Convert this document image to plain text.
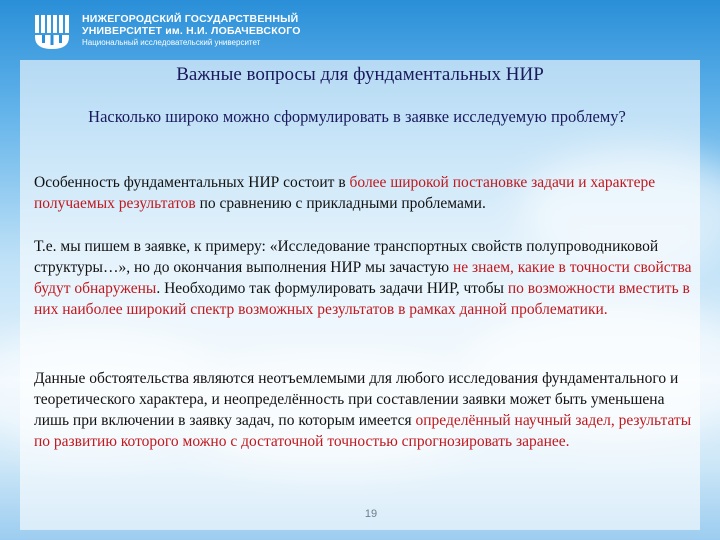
НИЖЕГОРОДСКИЙ ГОСУДАРСТВЕННЫЙ
УНИВЕРСИТЕТ им. Н.И. ЛОБАЧЕВСКОГО
Национальный исследовательский университет
Важные вопросы для фундаментальных НИР
Насколько широко можно сформулировать в заявке исследуемую проблему?
Особенность фундаментальных НИР состоит в более широкой постановке задачи и характере получаемых результатов по сравнению с прикладными проблемами.
Т.е. мы пишем в заявке, к примеру: «Исследование транспортных свойств полупроводниковой структуры…», но до окончания выполнения НИР мы зачастую не знаем, какие в точности свойства будут обнаружены. Необходимо так формулировать задачи НИР, чтобы по возможности вместить в них наиболее широкий спектр возможных результатов в рамках данной проблематики.
Данные обстоятельства являются неотъемлемыми для любого исследования фундаментального и теоретического характера, и неопределённость при составлении заявки может быть уменьшена лишь при включении в заявку задач, по которым имеется определённый научный задел, результаты по развитию которого можно с достаточной точностью спрогнозировать заранее.
19
